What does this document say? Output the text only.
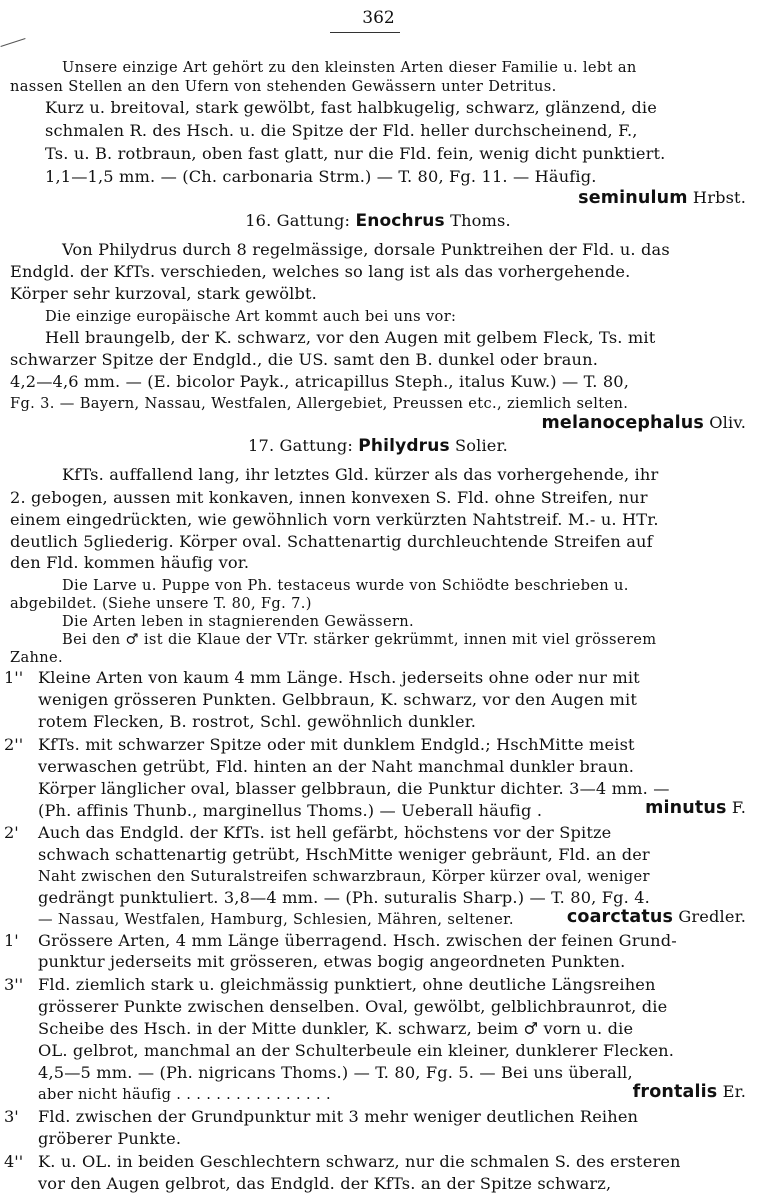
362
Unsere einzige Art gehört zu den kleinsten Arten dieser Familie u. lebt an
nassen Stellen an den Ufern von stehenden Gewässern unter Detritus.
Kurz u. breitoval, stark gewölbt, fast halbkugelig, schwarz, glänzend, die
schmalen R. des Hsch. u. die Spitze der Fld. heller durchscheinend, F.,
Ts. u. B. rotbraun, oben fast glatt, nur die Fld. fein, wenig dicht punktiert.
1,1—1,5 mm. — (Ch. carbonaria Strm.) — T. 80, Fg. 11. — Häufig.
seminulum Hrbst.
16. Gattung: Enochrus Thoms.
Von Philydrus durch 8 regelmässige, dorsale Punktreihen der Fld. u. das
Endgld. der KfTs. verschieden, welches so lang ist als das vorhergehende.
Körper sehr kurzoval, stark gewölbt.
Die einzige europäische Art kommt auch bei uns vor:
Hell braungelb, der K. schwarz, vor den Augen mit gelbem Fleck, Ts. mit
schwarzer Spitze der Endgld., die US. samt den B. dunkel oder braun.
4,2—4,6 mm. — (E. bicolor Payk., atricapillus Steph., italus Kuw.) — T. 80,
Fg. 3. — Bayern, Nassau, Westfalen, Allergebiet, Preussen etc., ziemlich selten.
melanocephalus Oliv.
17. Gattung: Philydrus Solier.
KfTs. auffallend lang, ihr letztes Gld. kürzer als das vorhergehende, ihr
2. gebogen, aussen mit konkaven, innen konvexen S. Fld. ohne Streifen, nur
einem eingedrückten, wie gewöhnlich vorn verkürzten Nahtstreif. M.- u. HTr.
deutlich 5gliederig. Körper oval. Schattenartig durchleuchtende Streifen auf
den Fld. kommen häufig vor.
Die Larve u. Puppe von Ph. testaceus wurde von Schiödte beschrieben u.
abgebildet. (Siehe unsere T. 80, Fg. 7.)
Die Arten leben in stagnierenden Gewässern.
Bei den ♂ ist die Klaue der VTr. stärker gekrümmt, innen mit viel grösserem
Zahne.
1'' Kleine Arten von kaum 4 mm Länge. Hsch. jederseits ohne oder nur mit
wenigen grösseren Punkten. Gelbbraun, K. schwarz, vor den Augen mit
rotem Flecken, B. rostrot, Schl. gewöhnlich dunkler.
2'' KfTs. mit schwarzer Spitze oder mit dunklem Endgld.; HschMitte meist
verwaschen getrübt, Fld. hinten an der Naht manchmal dunkler braun.
Körper länglicher oval, blasser gelbbraun, die Punktur dichter. 3—4 mm. —
(Ph. affinis Thunb., marginellus Thoms.) — Ueberall häufig .	minutus F.
2'	Auch das Endgld. der KfTs. ist hell gefärbt, höchstens vor der Spitze
schwach schattenartig getrübt, HschMitte weniger gebräunt, Fld. an der
Naht zwischen den Suturalstreifen schwarzbraun, Körper kürzer oval, weniger
gedrängt punktuliert. 3,8—4 mm. — (Ph. suturalis Sharp.) — T. 80, Fg. 4.
— Nassau, Westfalen, Hamburg, Schlesien, Mähren, seltener.	coarctatus Gredler.
1'	Grössere Arten, 4 mm Länge überragend. Hsch. zwischen der feinen Grund-
punktur jederseits mit grösseren, etwas bogig angeordneten Punkten.
3'' Fld. ziemlich stark u. gleichmässig punktiert, ohne deutliche Längsreihen
grösserer Punkte zwischen denselben. Oval, gewölbt, gelblichbraunrot, die
Scheibe des Hsch. in der Mitte dunkler, K. schwarz, beim ♂ vorn u. die
OL. gelbrot, manchmal an der Schulterbeule ein kleiner, dunklerer Flecken.
4,5—5 mm. — (Ph. nigricans Thoms.) — T. 80, Fg. 5. — Bei uns überall,
aber nicht häufig . . . . . . . . . . . . . . . .	frontalis Er.
3'	Fld. zwischen der Grundpunktur mit 3 mehr weniger deutlichen Reihen
gröberer Punkte.
4'' K. u. OL. in beiden Geschlechtern schwarz, nur die schmalen S. des ersteren
vor den Augen gelbrot, das Endgld. der KfTs. an der Spitze schwarz,
